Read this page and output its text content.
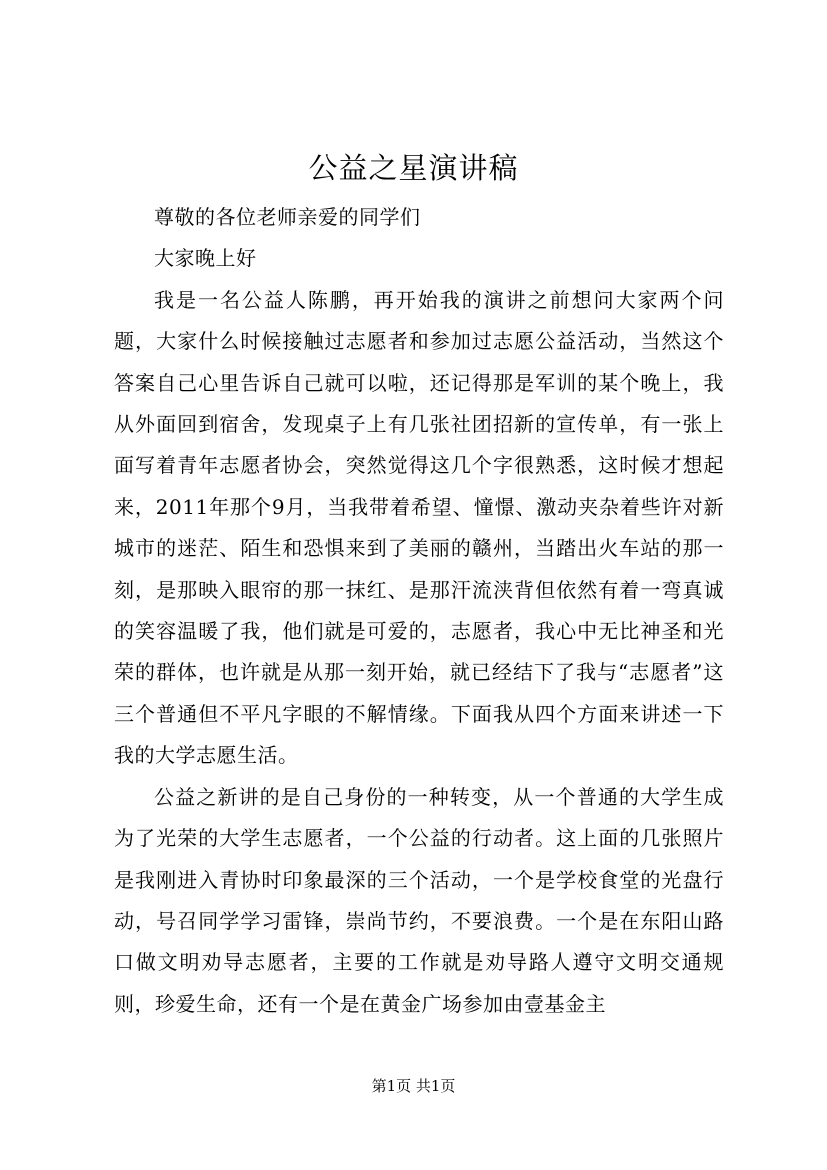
公益之星演讲稿

尊敬的各位老师亲爱的同学们

大家晚上好

我是一名公益人陈鹏，再开始我的演讲之前想问大家两个问题，大家什么时候接触过志愿者和参加过志愿公益活动，当然这个答案自己心里告诉自己就可以啦，还记得那是军训的某个晚上，我从外面回到宿舍，发现桌子上有几张社团招新的宣传单，有一张上面写着青年志愿者协会，突然觉得这几个字很熟悉，这时候才想起来，2011年那个9月，当我带着希望、憧憬、激动夹杂着些许对新城市的迷茫、陌生和恐惧来到了美丽的赣州，当踏出火车站的那一刻，是那映入眼帘的那一抹红、是那汗流浃背但依然有着一弯真诚的笑容温暖了我，他们就是可爱的，志愿者，我心中无比神圣和光荣的群体，也许就是从那一刻开始，就已经结下了我与“志愿者”这三个普通但不平凡字眼的不解情缘。下面我从四个方面来讲述一下我的大学志愿生活。

公益之新讲的是自己身份的一种转变，从一个普通的大学生成为了光荣的大学生志愿者，一个公益的行动者。这上面的几张照片是我刚进入青协时印象最深的三个活动，一个是学校食堂的光盘行动，号召同学学习雷锋，崇尚节约，不要浪费。一个是在东阳山路口做文明劝导志愿者，主要的工作就是劝导路人遵守文明交通规则，珍爱生命，还有一个是在黄金广场参加由壹基金主

第1页 共1页
